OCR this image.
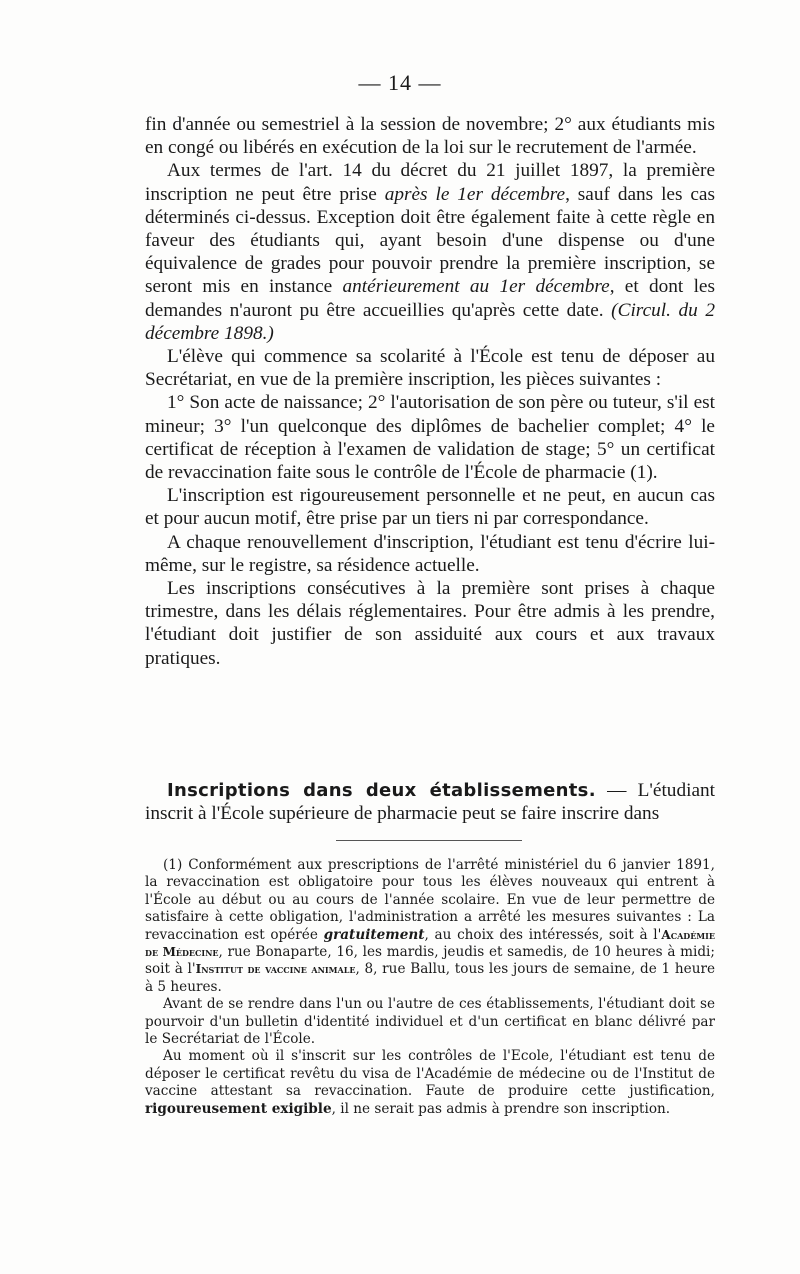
— 14 —

fin d'année ou semestriel à la session de novembre; 2° aux étudiants mis en congé ou libérés en exécution de la loi sur le recrutement de l'armée.

Aux termes de l'art. 14 du décret du 21 juillet 1897, la première inscription ne peut être prise après le 1er décembre, sauf dans les cas déterminés ci-dessus. Exception doit être également faite à cette règle en faveur des étudiants qui, ayant besoin d'une dispense ou d'une équivalence de grades pour pouvoir prendre la première inscription, se seront mis en instance antérieurement au 1er décembre, et dont les demandes n'auront pu être accueillies qu'après cette date. (Circul. du 2 décembre 1898.)

L'élève qui commence sa scolarité à l'École est tenu de déposer au Secrétariat, en vue de la première inscription, les pièces suivantes :

1° Son acte de naissance; 2° l'autorisation de son père ou tuteur, s'il est mineur; 3° l'un quelconque des diplômes de bachelier complet; 4° le certificat de réception à l'examen de validation de stage; 5° un certificat de revaccination faite sous le contrôle de l'École de pharmacie (1).

L'inscription est rigoureusement personnelle et ne peut, en aucun cas et pour aucun motif, être prise par un tiers ni par correspondance.

A chaque renouvellement d'inscription, l'étudiant est tenu d'écrire lui-même, sur le registre, sa résidence actuelle.

Les inscriptions consécutives à la première sont prises à chaque trimestre, dans les délais réglementaires. Pour être admis à les prendre, l'étudiant doit justifier de son assiduité aux cours et aux travaux pratiques.

Inscriptions dans deux établissements. — L'étudiant inscrit à l'École supérieure de pharmacie peut se faire inscrire dans

(1) Conformément aux prescriptions de l'arrêté ministériel du 6 janvier 1891, la revaccination est obligatoire pour tous les élèves nouveaux qui entrent à l'École au début ou au cours de l'année scolaire. En vue de leur permettre de satisfaire à cette obligation, l'administration a arrêté les mesures suivantes : La revaccination est opérée gratuitement, au choix des intéressés, soit à l'Académie de Médecine, rue Bonaparte, 16, les mardis, jeudis et samedis, de 10 heures à midi; soit à l'Institut de vaccine animale, 8, rue Ballu, tous les jours de semaine, de 1 heure à 5 heures.

Avant de se rendre dans l'un ou l'autre de ces établissements, l'étudiant doit se pourvoir d'un bulletin d'identité individuel et d'un certificat en blanc délivré par le Secrétariat de l'École.

Au moment où il s'inscrit sur les contrôles de l'Ecole, l'étudiant est tenu de déposer le certificat revêtu du visa de l'Académie de médecine ou de l'Institut de vaccine attestant sa revaccination. Faute de produire cette justification, rigoureusement exigible, il ne serait pas admis à prendre son inscription.
